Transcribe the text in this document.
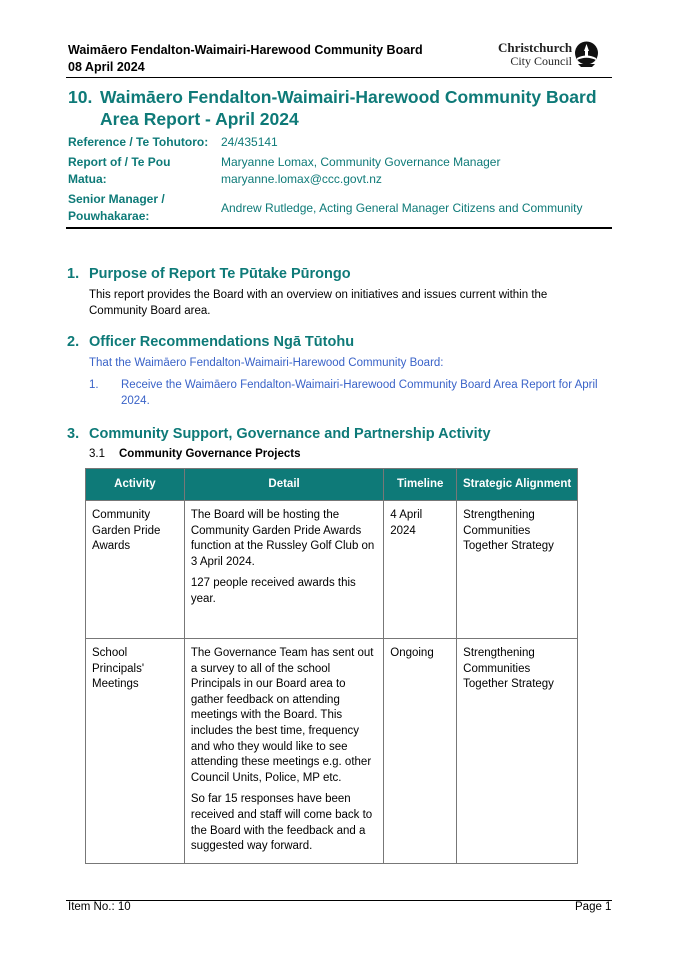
Waimāero Fendalton-Waimairi-Harewood Community Board
08 April 2024
Christchurch
City Council
10. Waimāero Fendalton-Waimairi-Harewood Community Board
Area Report - April 2024
Reference / Te Tohutoro: 24/435141
Report of / Te Pou
Matua:
Maryanne Lomax, Community Governance Manager
maryanne.lomax@ccc.govt.nz
Senior Manager /
Pouwhakarae:
Andrew Rutledge, Acting General Manager Citizens and Community
1. Purpose of Report Te Pūtake Pūrongo
This report provides the Board with an overview on initiatives and issues current within the Community Board area.
2. Officer Recommendations Ngā Tūtohu
That the Waimāero Fendalton-Waimairi-Harewood Community Board:
1. Receive the Waimāero Fendalton-Waimairi-Harewood Community Board Area Report for April 2024.
3. Community Support, Governance and Partnership Activity
3.1 Community Governance Projects
Activity	Detail	Timeline	Strategic Alignment
Community Garden Pride Awards	The Board will be hosting the Community Garden Pride Awards function at the Russley Golf Club on 3 April 2024.

127 people received awards this year.	4 April 2024	Strengthening Communities Together Strategy
School Principals' Meetings	The Governance Team has sent out a survey to all of the school Principals in our Board area to gather feedback on attending meetings with the Board. This includes the best time, frequency and who they would like to see attending these meetings e.g. other Council Units, Police, MP etc.

So far 15 responses have been received and staff will come back to the Board with the feedback and a suggested way forward.	Ongoing	Strengthening Communities Together Strategy
Item No.: 10	Page 1
